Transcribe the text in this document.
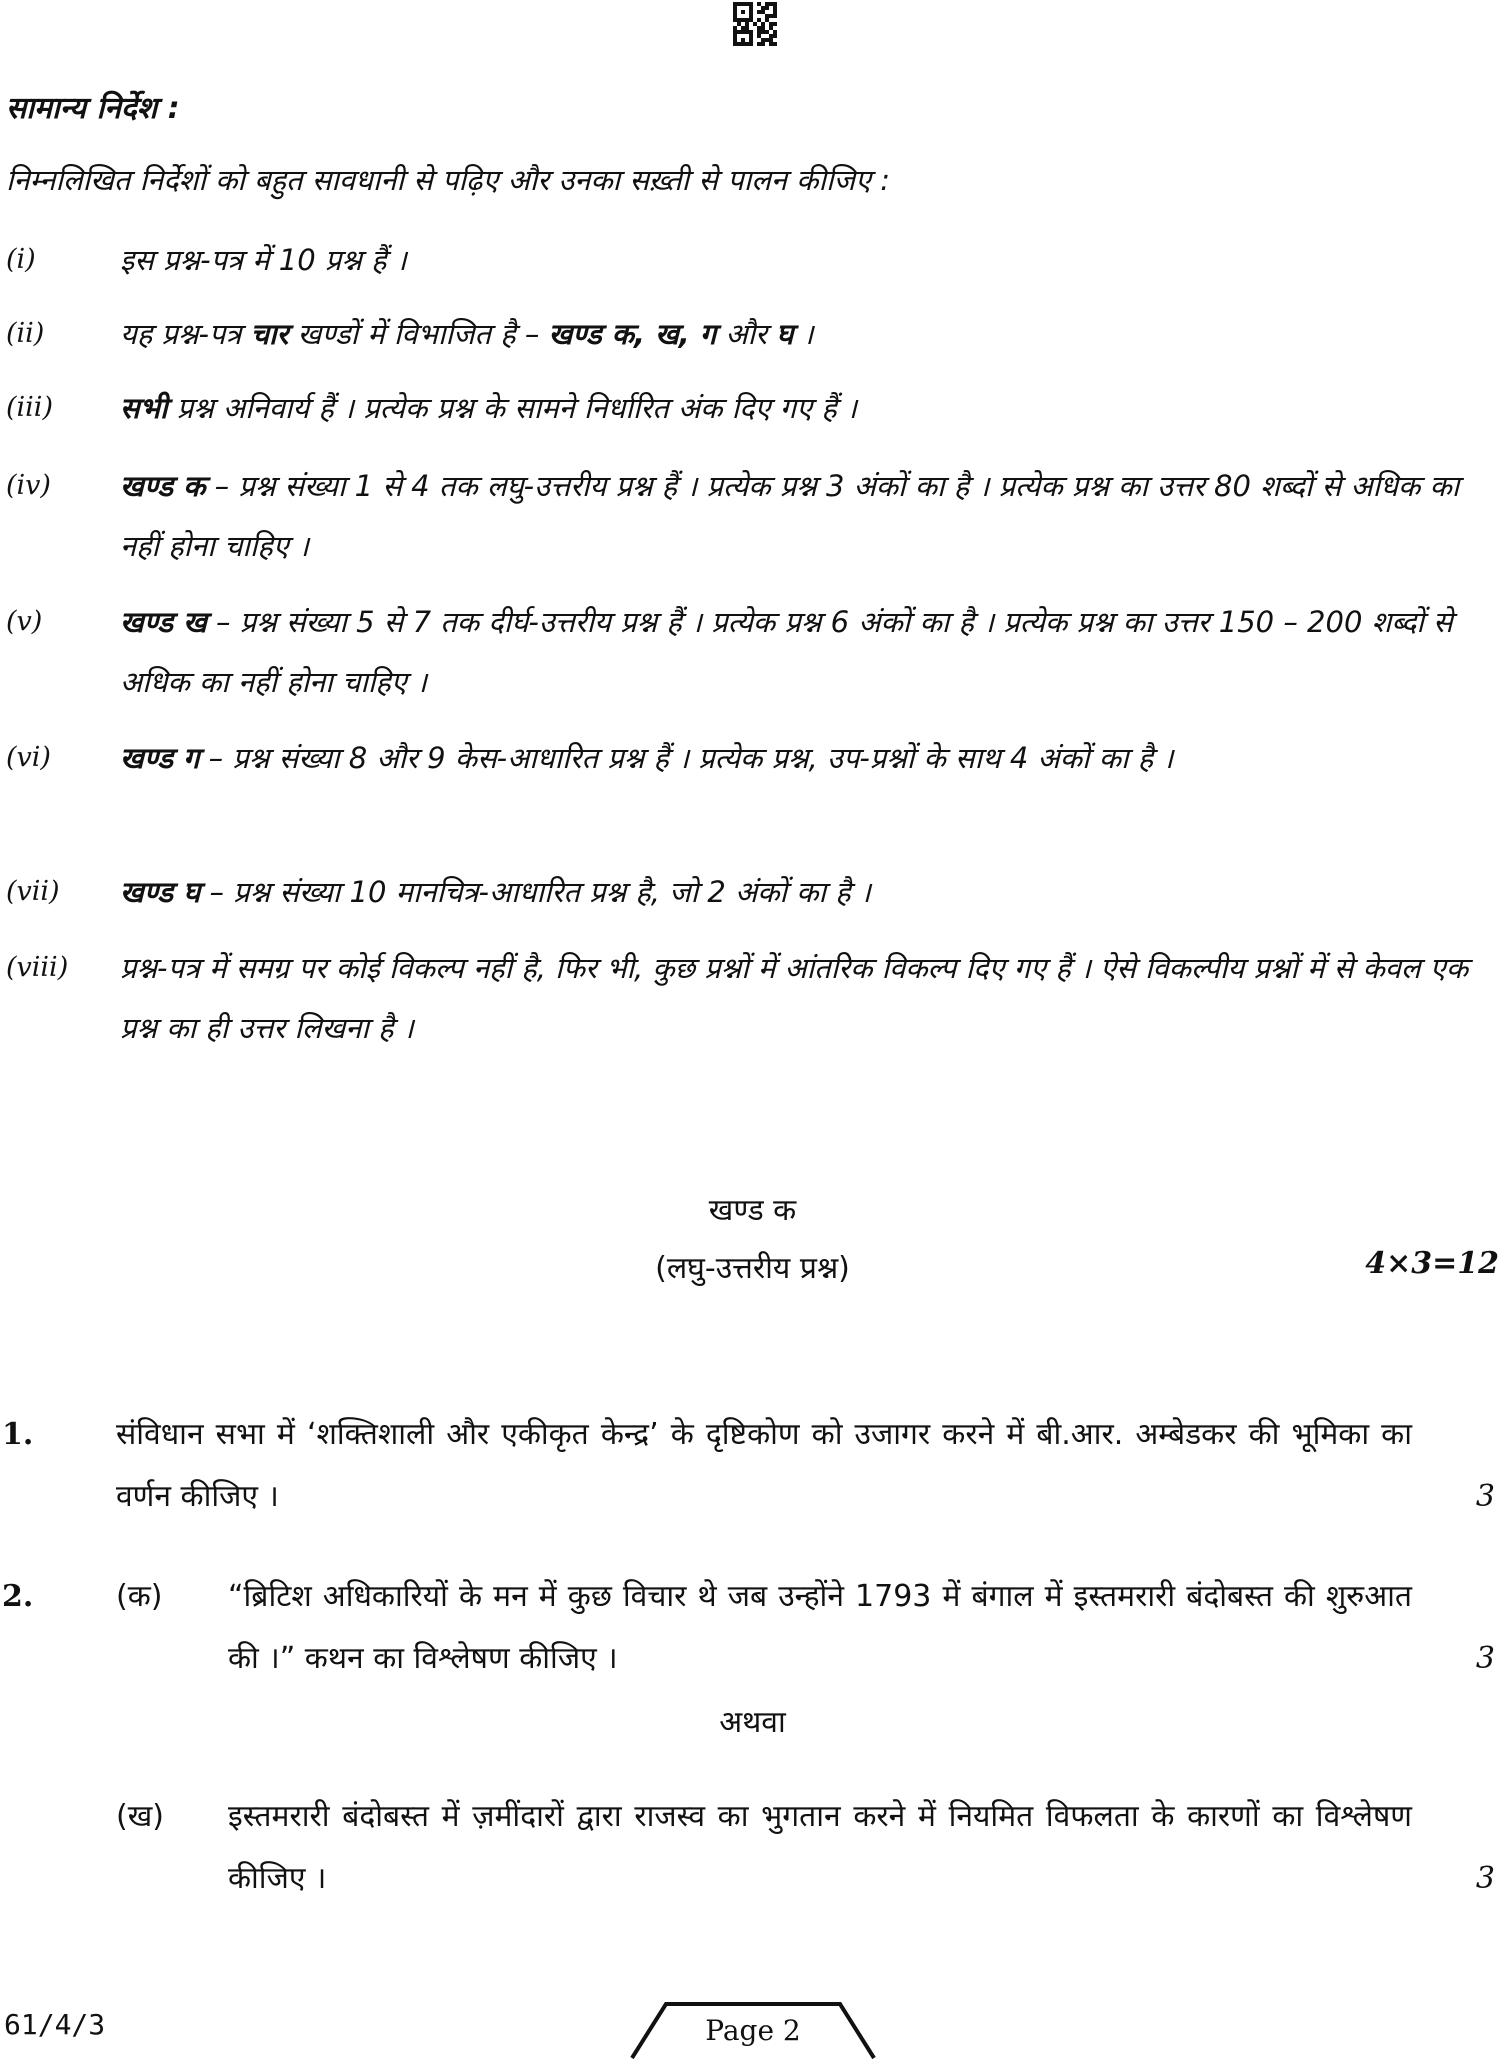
सामान्य निर्देश :
निम्नलिखित निर्देशों को बहुत सावधानी से पढ़िए और उनका सख़्ती से पालन कीजिए :
(i)	इस प्रश्न-पत्र में 10 प्रश्न हैं ।
(ii)	यह प्रश्न-पत्र चार खण्डों में विभाजित है – खण्ड क, ख, ग और घ ।
(iii)	सभी प्रश्न अनिवार्य हैं । प्रत्येक प्रश्न के सामने निर्धारित अंक दिए गए हैं ।
(iv)	खण्ड क – प्रश्न संख्या 1 से 4 तक लघु-उत्तरीय प्रश्न हैं । प्रत्येक प्रश्न 3 अंकों का है । प्रत्येक प्रश्न का उत्तर 80 शब्दों से अधिक का नहीं होना चाहिए ।
(v)	खण्ड ख – प्रश्न संख्या 5 से 7 तक दीर्घ-उत्तरीय प्रश्न हैं । प्रत्येक प्रश्न 6 अंकों का है । प्रत्येक प्रश्न का उत्तर 150 – 200 शब्दों से अधिक का नहीं होना चाहिए ।
(vi)	खण्ड ग – प्रश्न संख्या 8 और 9 केस-आधारित प्रश्न हैं । प्रत्येक प्रश्न, उप-प्रश्नों के साथ 4 अंकों का है ।
(vii)	खण्ड घ – प्रश्न संख्या 10 मानचित्र-आधारित प्रश्न है, जो 2 अंकों का है ।
(viii)	प्रश्न-पत्र में समग्र पर कोई विकल्प नहीं है, फिर भी, कुछ प्रश्नों में आंतरिक विकल्प दिए गए हैं । ऐसे विकल्पीय प्रश्नों में से केवल एक प्रश्न का ही उत्तर लिखना है ।
खण्ड क
(लघु-उत्तरीय प्रश्न)	4×3=12
1.	संविधान सभा में ‘शक्तिशाली और एकीकृत केन्द्र’ के दृष्टिकोण को उजागर करने में बी.आर. अम्बेडकर की भूमिका का वर्णन कीजिए ।	3
2.	(क) “ब्रिटिश अधिकारियों के मन में कुछ विचार थे जब उन्होंने 1793 में बंगाल में इस्तमरारी बंदोबस्त की शुरुआत की ।” कथन का विश्लेषण कीजिए ।	3
अथवा
(ख) इस्तमरारी बंदोबस्त में ज़मींदारों द्वारा राजस्व का भुगतान करने में नियमित विफलता के कारणों का विश्लेषण कीजिए ।	3
61/4/3	Page 2
